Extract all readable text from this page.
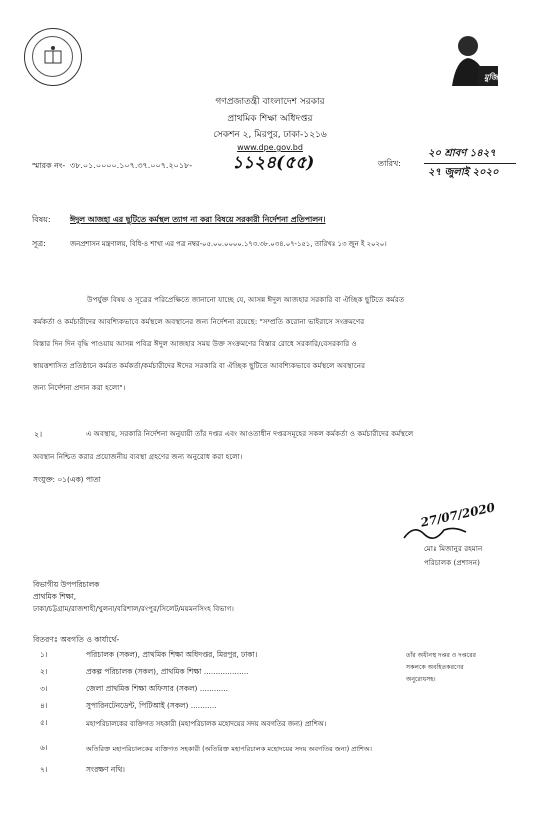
মুজিব
গণপ্রজাতন্ত্রী বাংলাদেশ সরকার
প্রাথমিক শিক্ষা অধিদপ্তর
সেকশন ২, মিরপুর, ঢাকা-১২১৬
www.dpe.gov.bd
স্মারক নং- ৩৮.০১.০০০০.১০৭.৩৭.০০৭.২০১৮- ১১২৪(৫৫)	তারিখ:
২০ শ্রাবণ ১৪২৭
২৭ জুলাই ২০২০
বিষয়: ঈদুল আজহা এর ছুটিতে কর্মস্থল ত্যাগ না করা বিষয়ে সরকারী নির্দেশনা প্রতিপালন।
সূত্র:	জনপ্রশাসন মন্ত্রণালয়, বিধি-৪ শাখা এর পত্র নম্বর-০৫.০০.০০০০.১৭৩.৩৮.০৩৪.০৭-১৫১, তারিখঃ ১৩ জুন ই ২০২০।
উপর্যুক্ত বিষয় ও সূত্রের পরিপ্রেক্ষিতে জানানো যাচ্ছে যে, আসন্ন ঈদুল আজহার সরকারি বা ঐচ্ছিক ছুটিতে কর্মরত
কর্মকর্তা ও কর্মচারীদের আবশ্যিকভাবে কর্মস্থলে অবস্থানের জন্য নির্দেশনা রয়েছে: "সম্প্রতি করোনা ভাইরাসে সংক্রমণের
বিস্তার দিন দিন বৃদ্ধি পাওয়ায় আসন্ন পবিত্র ঈদুল আজহার সময় উক্ত সংক্রমণের বিস্তার রোধে সরকারি/বেসরকারি ও
স্বায়ত্তশাসিত প্রতিষ্ঠানে কর্মরত কর্মকর্তা/কর্মচারীদের ঈদের সরকারি বা ঐচ্ছিক ছুটিতে আবশ্যিকভাবে কর্মস্থলে অবস্থানের
জন্য নির্দেশনা প্রদান করা হলো"।
২।	এ অবস্থায়, সরকারি নির্দেশনা অনুযায়ী তাঁর দপ্তর এবং আওতাধীন দপ্তরসমূহের সকল কর্মকর্তা ও কর্মচারীদের কর্মস্থলে
অবস্থান নিশ্চিত করার প্রয়োজনীয় ব্যবস্থা গ্রহণের জন্য অনুরোধ করা হলো।
সংযুক্ত: ০১(এক) পাতা
27/07/2020
মোঃ মিজানুর রহমান
পরিচালক (প্রশাসন)
বিভাগীয় উপপরিচালক
প্রাথমিক শিক্ষা,
ঢাকা/চট্টগ্রাম/রাজশাহী/খুলনা/বরিশাল/রংপুর/সিলেট/ময়মনসিংহ বিভাগ।
বিতরণঃ অবগতি ও কার্যার্থে-
১।	পরিচালক (সকল), প্রাথমিক শিক্ষা অধিদপ্তর, মিরপুর, ঢাকা।
২।	প্রকল্প পরিচালক (সকল), প্রাথমিক শিক্ষা ...................
৩।	জেলা প্রাথমিক শিক্ষা অফিসার (সকল) ............
৪।	সুপারিনটেনডেন্ট, পিটিআই (সকল) ...........
৫।	মহাপরিচালকের ব্যক্তিগত সহকারী (মহাপরিচালক মহোদয়ের সদয় অবগতির জন্য) প্রাশিঅ।
৬।	অতিরিক্ত মহাপরিচালকের ব্যক্তিগত সহকারী (অতিরিক্ত মহাপরিচালক মহোদয়ের সদয় অবগতির জন্য) প্রাশিঅ।
৭।	সংরক্ষণ নথি।
তাঁর অধীনস্থ দপ্তর ও দপ্তরের
সকলকে অবহিতকরণের
অনুরোধসহ।
